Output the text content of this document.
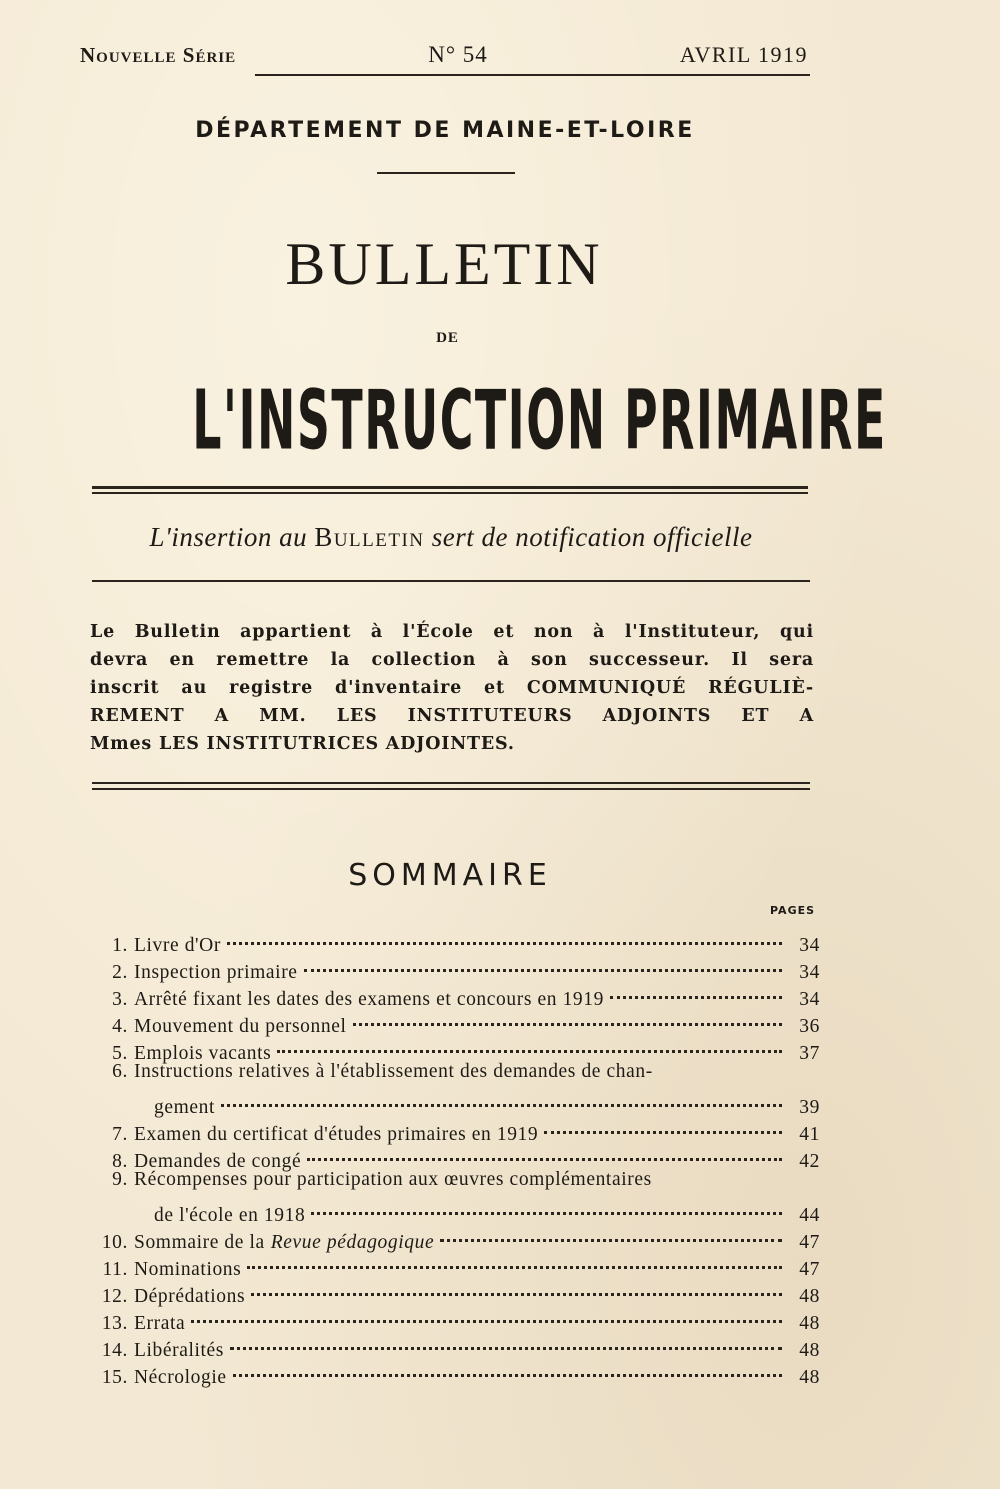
Nouvelle Série	N° 54	AVRIL 1919
DÉPARTEMENT DE MAINE-ET-LOIRE
BULLETIN
DE
L'INSTRUCTION PRIMAIRE
L'insertion au Bulletin sert de notification officielle
Le Bulletin appartient à l'École et non à l'Instituteur, qui
devra en remettre la collection à son successeur. Il sera
inscrit au registre d'inventaire et COMMUNIQUÉ RÉGULIÈ-
REMENT A MM. LES INSTITUTEURS ADJOINTS ET A
Mmes LES INSTITUTRICES ADJOINTES.
SOMMAIRE
PAGES
1. Livre d'Or	34
2. Inspection primaire	34
3. Arrêté fixant les dates des examens et concours en 1919	34
4. Mouvement du personnel	36
5. Emplois vacants	37
6. Instructions relatives à l'établissement des demandes de chan-
gement	39
7. Examen du certificat d'études primaires en 1919	41
8. Demandes de congé	42
9. Récompenses pour participation aux œuvres complémentaires
de l'école en 1918	44
10. Sommaire de la Revue pédagogique	47
11. Nominations	47
12. Déprédations	48
13. Errata	48
14. Libéralités	48
15. Nécrologie	48
